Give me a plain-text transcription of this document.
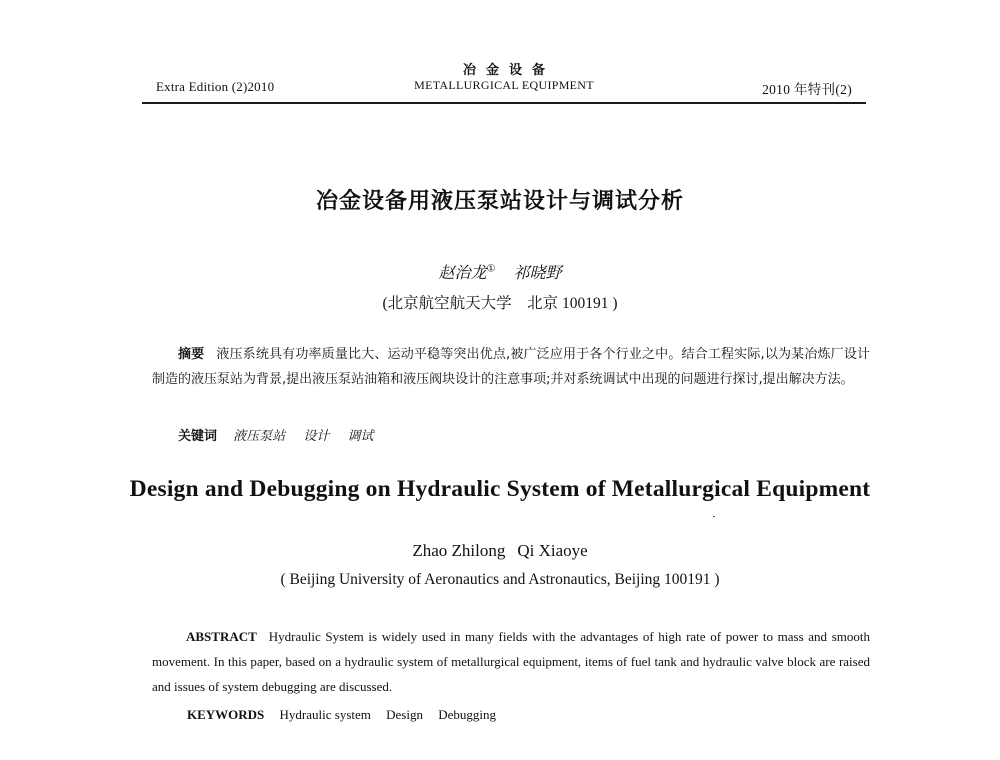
Extra Edition (2)2010
冶金设备
METALLURGICAL EQUIPMENT	2010 年特刊(2)
冶金设备用液压泵站设计与调试分析
赵治龙① 祁晓野
(北京航空航天大学　北京 100191 )
摘要 液压系统具有功率质量比大、运动平稳等突出优点,被广泛应用于各个行业之中。结合工程实际,以为某冶炼厂设计制造的液压泵站为背景,提出液压泵站油箱和液压阀块设计的注意事项;并对系统调试中出现的问题进行探讨,提出解决方法。
关键词 液压泵站 设计 调试
Design and Debugging on Hydraulic System of Metallurgical Equipment
Zhao Zhilong Qi Xiaoye
( Beijing University of Aeronautics and Astronautics, Beijing 100191 )
ABSTRACT Hydraulic System is widely used in many fields with the advantages of high rate of power to mass and smooth movement. In this paper, based on a hydraulic system of metallurgical equipment, items of fuel tank and hydraulic valve block are raised and issues of system debugging are discussed.
KEYWORDS Hydraulic system Design Debugging
